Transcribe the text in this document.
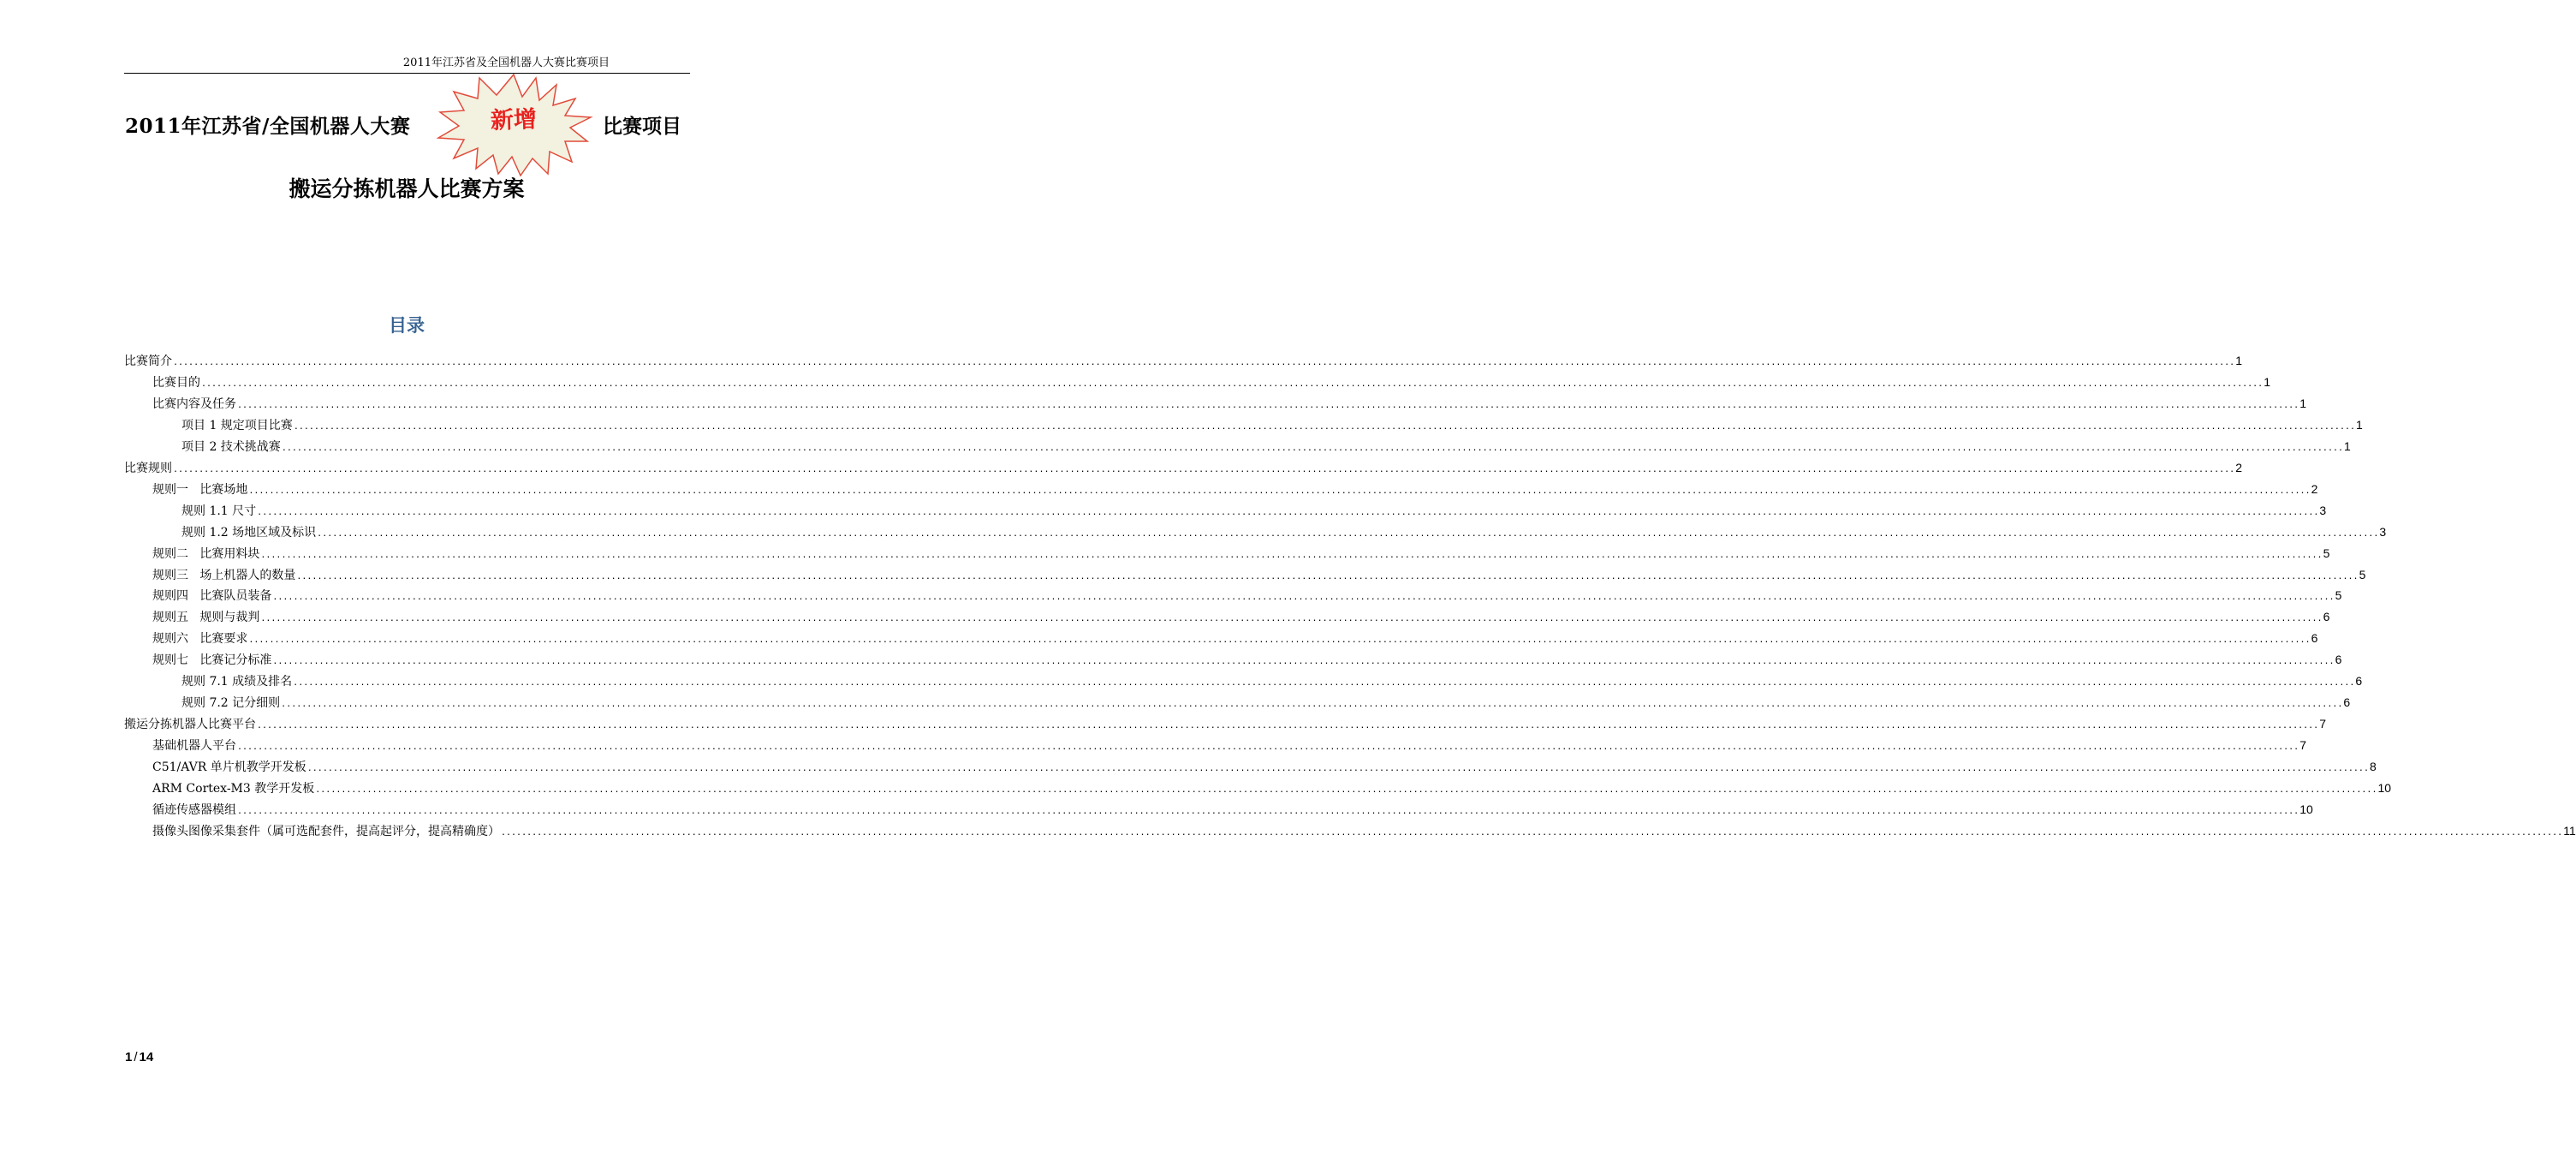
2011年江苏省及全国机器人大赛比赛项目
2011年江苏省/全国机器人大赛	新增	比赛项目
搬运分拣机器人比赛方案
目录
比赛简介 ................................................................................................................................................................................................................................................................................................................................................................................................................ 1
比赛目的 ................................................................................................................................................................................................................................................................................................................................................................................................................ 1
比赛内容及任务 ................................................................................................................................................................................................................................................................................................................................................................................................................ 1
项目 1 规定项目比赛 ................................................................................................................................................................................................................................................................................................................................................................................................................ 1
项目 2 技术挑战赛 ................................................................................................................................................................................................................................................................................................................................................................................................................ 1
比赛规则 ................................................................................................................................................................................................................................................................................................................................................................................................................ 2
规则一   比赛场地 ................................................................................................................................................................................................................................................................................................................................................................................................................ 2
规则 1.1 尺寸 ................................................................................................................................................................................................................................................................................................................................................................................................................ 3
规则 1.2 场地区域及标识 ................................................................................................................................................................................................................................................................................................................................................................................................................ 3
规则二   比赛用料块 ................................................................................................................................................................................................................................................................................................................................................................................................................ 5
规则三   场上机器人的数量 ................................................................................................................................................................................................................................................................................................................................................................................................................ 5
规则四   比赛队员装备 ................................................................................................................................................................................................................................................................................................................................................................................................................ 5
规则五   规则与裁判 ................................................................................................................................................................................................................................................................................................................................................................................................................ 6
规则六   比赛要求 ................................................................................................................................................................................................................................................................................................................................................................................................................ 6
规则七   比赛记分标准 ................................................................................................................................................................................................................................................................................................................................................................................................................ 6
规则 7.1 成绩及排名 ................................................................................................................................................................................................................................................................................................................................................................................................................ 6
规则 7.2 记分细则 ................................................................................................................................................................................................................................................................................................................................................................................................................ 6
搬运分拣机器人比赛平台 ................................................................................................................................................................................................................................................................................................................................................................................................................ 7
基础机器人平台 ................................................................................................................................................................................................................................................................................................................................................................................................................ 7
C51/AVR 单片机教学开发板 ................................................................................................................................................................................................................................................................................................................................................................................................................ 8
ARM Cortex-M3 教学开发板 ................................................................................................................................................................................................................................................................................................................................................................................................................ 10
循迹传感器模组 ................................................................................................................................................................................................................................................................................................................................................................................................................ 10
摄像头图像采集套件（属可选配套件，提高起评分，提高精确度） ................................................................................................................................................................................................................................................................................................................................................................................................................ 11
1 / 14
